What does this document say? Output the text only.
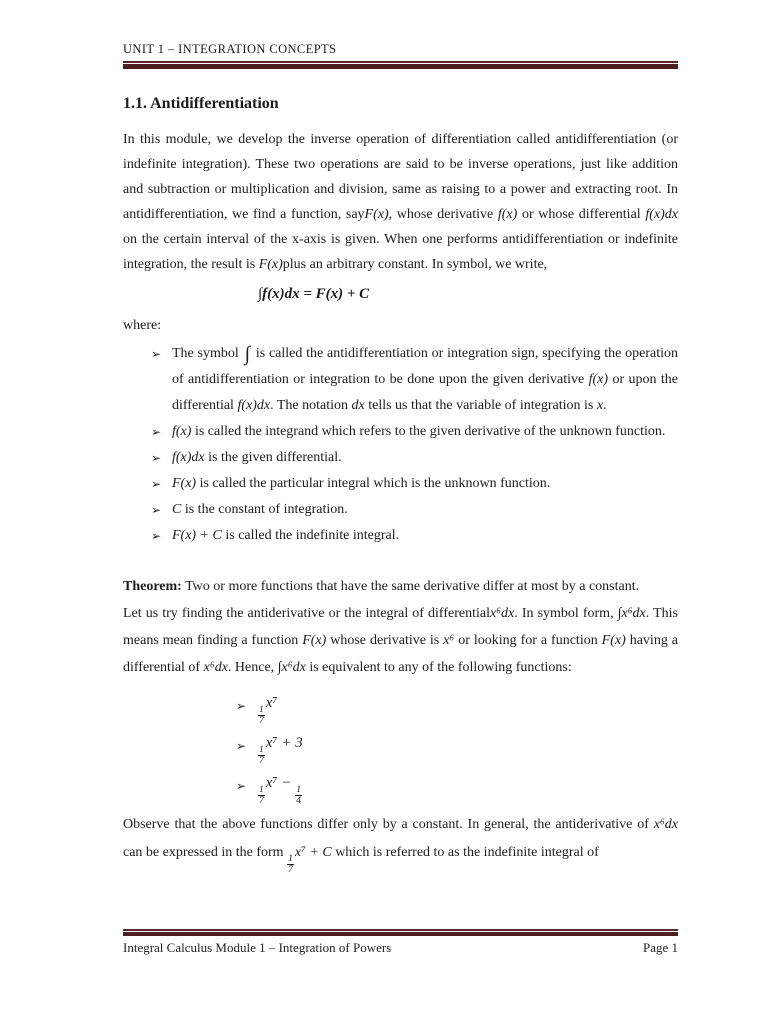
UNIT 1 – INTEGRATION CONCEPTS
1.1. Antidifferentiation

In this module, we develop the inverse operation of differentiation called antidifferentiation (or indefinite integration). These two operations are said to be inverse operations, just like addition and subtraction or multiplication and division, same as raising to a power and extracting root. In antidifferentiation, we find a function, sayF(x), whose derivative f(x) or whose differential f(x)dx on the certain interval of the x-axis is given. When one performs antidifferentiation or indefinite integration, the result is F(x)plus an arbitrary constant. In symbol, we write,

∫f(x)dx = F(x) + C

where:

➢ The symbol ∫ is called the antidifferentiation or integration sign, specifying the operation of antidifferentiation or integration to be done upon the given derivative f(x) or upon the differential f(x)dx. The notation dx tells us that the variable of integration is x.
➢ f(x) is called the integrand which refers to the given derivative of the unknown function.
➢ f(x)dx is the given differential.
➢ F(x) is called the particular integral which is the unknown function.
➢ C is the constant of integration.
➢ F(x) + C is called the indefinite integral.

Theorem: Two or more functions that have the same derivative differ at most by a constant.

Let us try finding the antiderivative or the integral of differentialx⁶dx. In symbol form, ∫x⁶dx. This means mean finding a function F(x) whose derivative is x⁶ or looking for a function F(x) having a differential of x⁶dx. Hence, ∫x⁶dx is equivalent to any of the following functions:

➢ $\frac{1}{7}$
x⁷
➢ $\frac{1}{7}$
x⁷ + 3
➢ $\frac{1}{7}$
x⁷ −
$\frac{1}{4}$

Observe that the above functions differ only by a constant. In general, the antiderivative of x⁶dx can be expressed in the form
$\frac{1}{7}$
x⁷ + C which is referred to as the indefinite integral of

Integral Calculus Module 1 – Integration of Powers	Page 1
